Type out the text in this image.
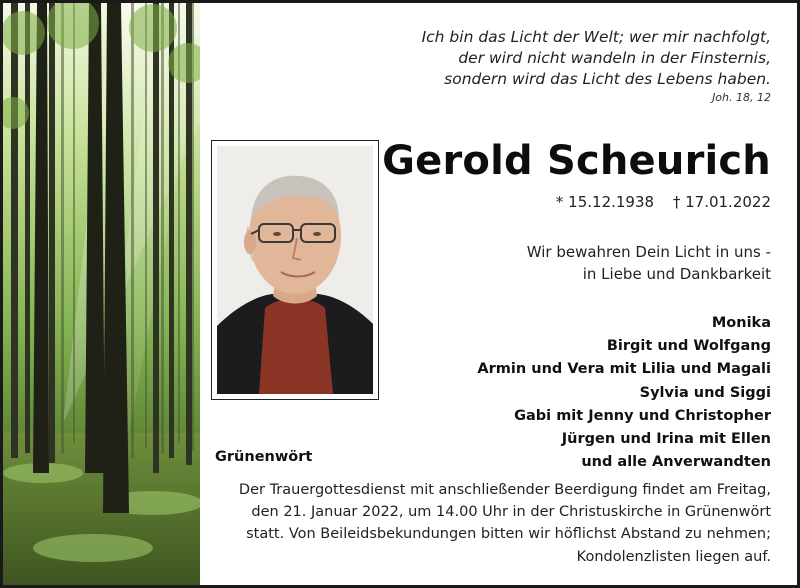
Ich bin das Licht der Welt; wer mir nachfolgt,
der wird nicht wandeln in der Finsternis,
sondern wird das Licht des Lebens haben.
Joh. 18, 12
Gerold Scheurich
* 15.12.1938 † 17.01.2022
Wir bewahren Dein Licht in uns -
in Liebe und Dankbarkeit
Monika
Birgit und Wolfgang
Armin und Vera mit Lilia und Magali
Sylvia und Siggi
Gabi mit Jenny und Christopher
Jürgen und Irina mit Ellen
und alle Anverwandten
Grünenwört
Der Trauergottesdienst mit anschließender Beerdigung findet am Freitag,
den 21. Januar 2022, um 14.00 Uhr in der Christuskirche in Grünenwört
statt. Von Beileidsbekundungen bitten wir höflichst Abstand zu nehmen;
Kondolenzlisten liegen auf.
